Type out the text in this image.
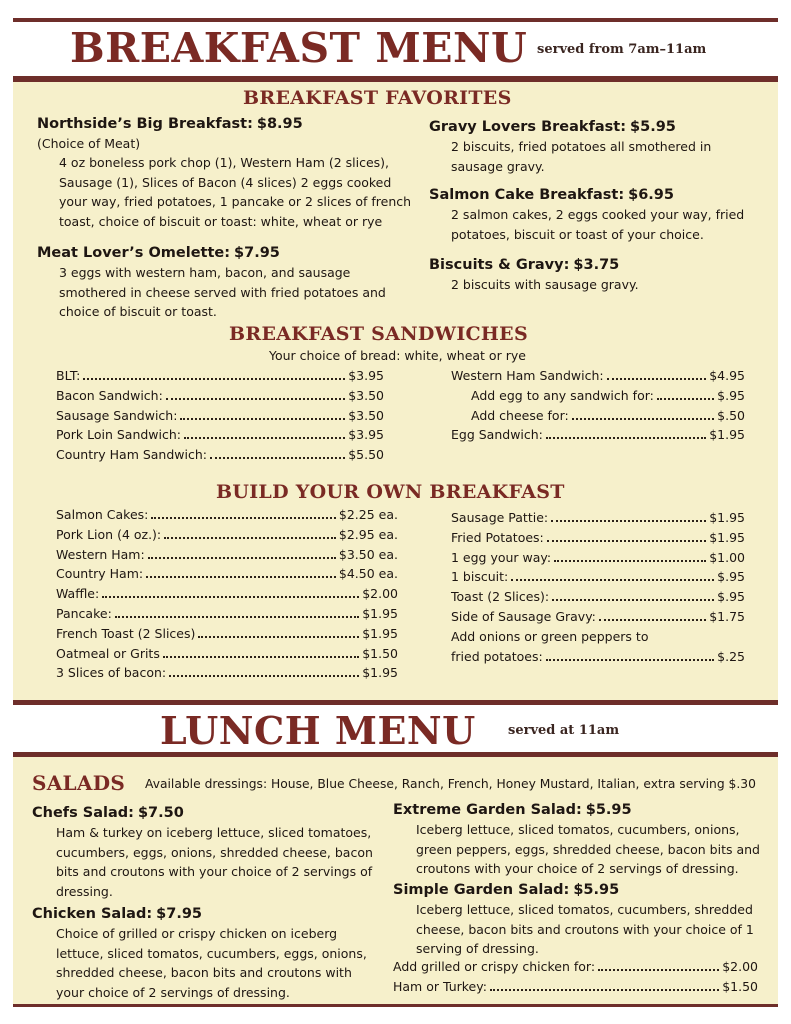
BREAKFAST MENU served from 7am–11am
BREAKFAST FAVORITES
Northside’s Big Breakfast: $8.95
(Choice of Meat)
4 oz boneless pork chop (1), Western Ham (2 slices), Sausage (1), Slices of Bacon (4 slices) 2 eggs cooked your way, fried potatoes, 1 pancake or 2 slices of french toast, choice of biscuit or toast: white, wheat or rye
Meat Lover’s Omelette: $7.95
3 eggs with western ham, bacon, and sausage smothered in cheese served with fried potatoes and choice of biscuit or toast.
Gravy Lovers Breakfast: $5.95
2 biscuits, fried potatoes all smothered in sausage gravy.
Salmon Cake Breakfast: $6.95
2 salmon cakes, 2 eggs cooked your way, fried potatoes, biscuit or toast of your choice.
Biscuits & Gravy: $3.75
2 biscuits with sausage gravy.
BREAKFAST SANDWICHES
Your choice of bread: white, wheat or rye
BLT:	$3.95
Bacon Sandwich:	$3.50
Sausage Sandwich:	$3.50
Pork Loin Sandwich:	$3.95
Country Ham Sandwich:	$5.50
Western Ham Sandwich:	$4.95
Add egg to any sandwich for:	$.95
Add cheese for:	$.50
Egg Sandwich:	$1.95
BUILD YOUR OWN BREAKFAST
Salmon Cakes:	$2.25 ea.
Pork Lion (4 oz.):	$2.95 ea.
Western Ham:	$3.50 ea.
Country Ham:	$4.50 ea.
Waffle:	$2.00
Pancake:	$1.95
French Toast (2 Slices)	$1.95
Oatmeal or Grits	$1.50
3 Slices of bacon:	$1.95
Sausage Pattie:	$1.95
Fried Potatoes:	$1.95
1 egg your way:	$1.00
1 biscuit:	$.95
Toast (2 Slices):	$.95
Side of Sausage Gravy:	$1.75
Add onions or green peppers to
fried potatoes:	$.25
LUNCH MENU served at 11am
SALADS Available dressings: House, Blue Cheese, Ranch, French, Honey Mustard, Italian, extra serving $.30
Chefs Salad: $7.50
Ham & turkey on iceberg lettuce, sliced tomatoes, cucumbers, eggs, onions, shredded cheese, bacon bits and croutons with your choice of 2 servings of dressing.
Chicken Salad: $7.95
Choice of grilled or crispy chicken on iceberg lettuce, sliced tomatos, cucumbers, eggs, onions, shredded cheese, bacon bits and croutons with your choice of 2 servings of dressing.
Extreme Garden Salad: $5.95
Iceberg lettuce, sliced tomatos, cucumbers, onions, green peppers, eggs, shredded cheese, bacon bits and croutons with your choice of 2 servings of dressing.
Simple Garden Salad: $5.95
Iceberg lettuce, sliced tomatos, cucumbers, shredded cheese, bacon bits and croutons with your choice of 1 serving of dressing.
Add grilled or crispy chicken for:	$2.00
Ham or Turkey:	$1.50
